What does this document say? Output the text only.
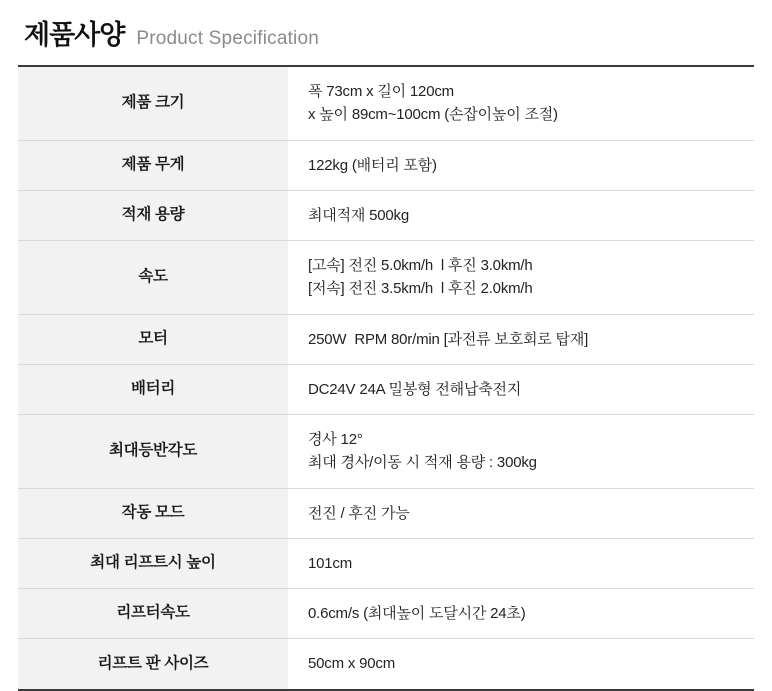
제품사양 Product Specification
제품 크기	폭 73cm x 길이 120cm
x 높이 89cm~100cm (손잡이높이 조절)

제품 무게	122kg (배터리 포함)

적재 용량	최대적재 500kg

속도	[고속] 전진 5.0km/h  l 후진 3.0km/h
[저속] 전진 3.5km/h  l 후진 2.0km/h

모터	250W  RPM 80r/min [과전류 보호회로 탑재]

배터리	DC24V 24A 밀봉형 전해납축전지

최대등반각도	경사 12°
최대 경사/이동 시 적재 용량 : 300kg

작동 모드	전진 / 후진 가능

최대 리프트시 높이	101cm

리프터속도	0.6cm/s (최대높이 도달시간 24초)

리프트 판 사이즈	50cm x 90cm
